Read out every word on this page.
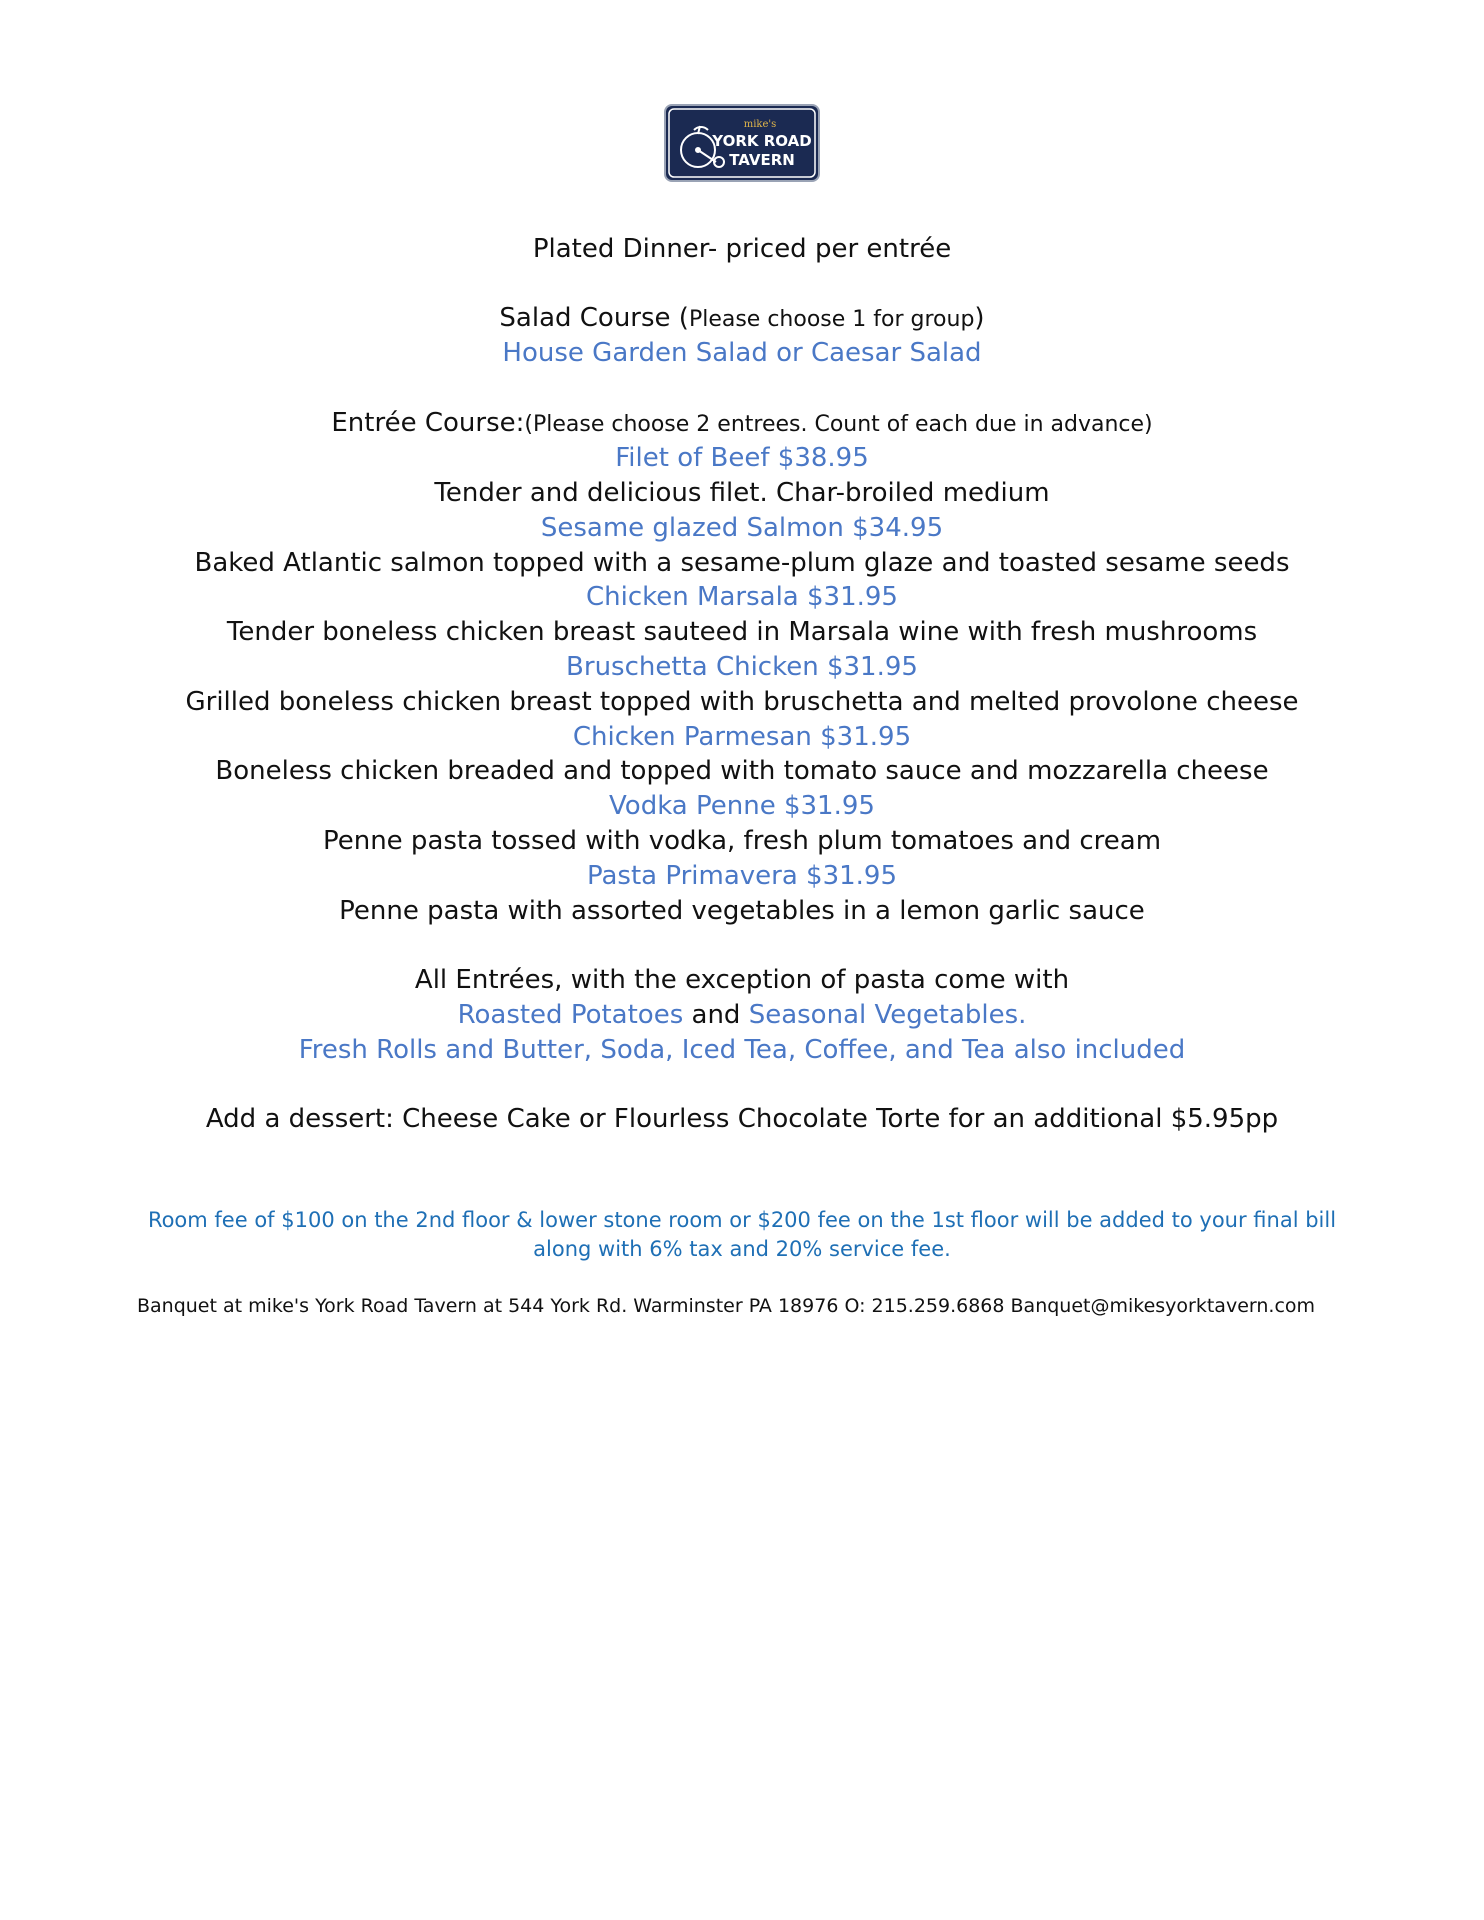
mike's
YORK ROAD
TAVERN
Plated Dinner- priced per entrée
Salad Course (Please choose 1 for group)
House Garden Salad or Caesar Salad
Entrée Course:(Please choose 2 entrees. Count of each due in advance)
Filet of Beef $38.95
Tender and delicious filet. Char-broiled medium
Sesame glazed Salmon $34.95
Baked Atlantic salmon topped with a sesame-plum glaze and toasted sesame seeds
Chicken Marsala $31.95
Tender boneless chicken breast sauteed in Marsala wine with fresh mushrooms
Bruschetta Chicken $31.95
Grilled boneless chicken breast topped with bruschetta and melted provolone cheese
Chicken Parmesan $31.95
Boneless chicken breaded and topped with tomato sauce and mozzarella cheese
Vodka Penne $31.95
Penne pasta tossed with vodka, fresh plum tomatoes and cream
Pasta Primavera $31.95
Penne pasta with assorted vegetables in a lemon garlic sauce
All Entrées, with the exception of pasta come with
Roasted Potatoes and Seasonal Vegetables.
Fresh Rolls and Butter, Soda, Iced Tea, Coffee, and Tea also included
Add a dessert: Cheese Cake or Flourless Chocolate Torte for an additional $5.95pp
Room fee of $100 on the 2nd floor & lower stone room or $200 fee on the 1st floor will be added to your final bill
along with 6% tax and 20% service fee.
Banquet at mike's York Road Tavern at 544 York Rd. Warminster PA 18976 O: 215.259.6868 Banquet@mikesyorktavern.com
